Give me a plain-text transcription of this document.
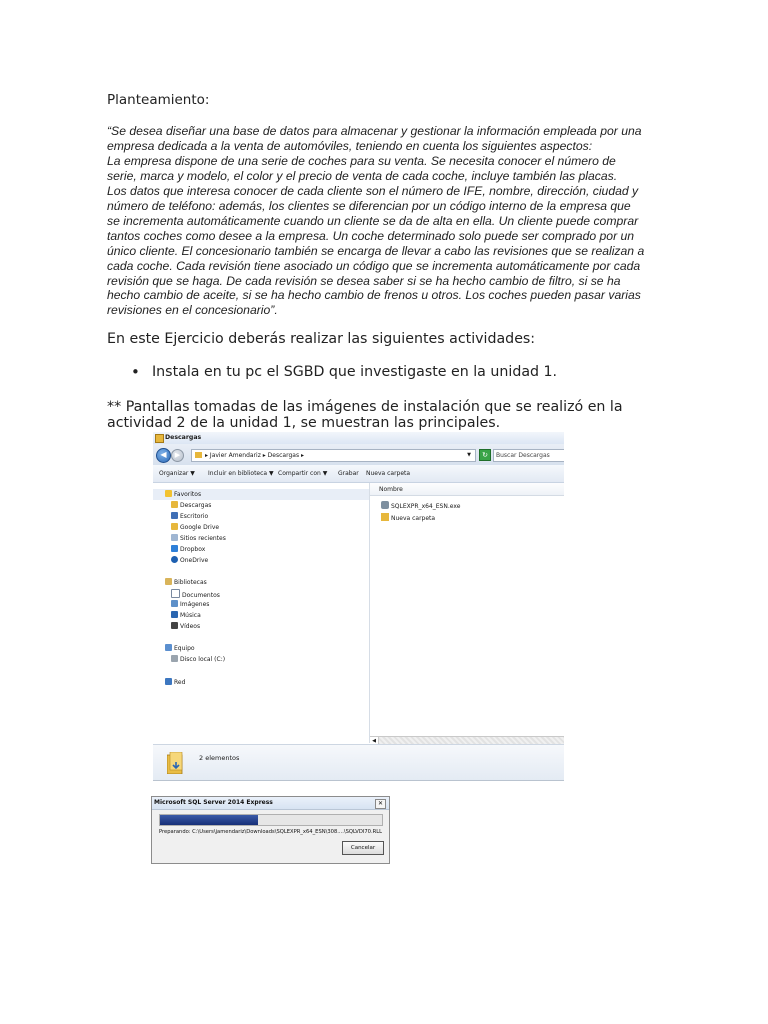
Planteamiento:

“Se desea diseñar una base de datos para almacenar y gestionar la información empleada por una

empresa dedicada a la venta de automóviles, teniendo en cuenta los siguientes aspectos:

La empresa dispone de una serie de coches para su venta. Se necesita conocer el número de

serie, marca y modelo, el color y el precio de venta de cada coche, incluye también las placas.

Los datos que interesa conocer de cada cliente son el número de IFE, nombre, dirección, ciudad y

número de teléfono: además, los clientes se diferencian por un código interno de la empresa que

se incrementa automáticamente cuando un cliente se da de alta en ella. Un cliente puede comprar

tantos coches como desee a la empresa. Un coche determinado solo puede ser comprado por un

único cliente. El concesionario también se encarga de llevar a cabo las revisiones que se realizan a

cada coche. Cada revisión tiene asociado un código que se incrementa automáticamente por cada

revisión que se haga. De cada revisión se desea saber si se ha hecho cambio de filtro, si se ha

hecho cambio de aceite, si se ha hecho cambio de frenos u otros. Los coches pueden pasar varias

revisiones en el concesionario”.

En este Ejercicio deberás realizar las siguientes actividades:
• Instala en tu pc el SGBD que investigaste en la unidad 1.
** Pantallas tomadas de las imágenes de instalación que se realizó en la
actividad 2 de la unidad 1, se muestran las principales.
Descargas
◀	▶	▸ Javier Amendariz ▸ Descargas ▸	▼	↻	Buscar Descargas
Organizar ▼ Incluir en biblioteca ▼ Compartir con ▼ Grabar Nueva carpeta
Favoritos
Descargas
Escritorio
Google Drive
Sitios recientes
Dropbox
OneDrive
Bibliotecas
Documentos
Imágenes
Música
Vídeos
Equipo
Disco local (C:)
Red
Nombre
SQLEXPR_x64_ESN.exe
Nueva carpeta
◀
2 elementos
Microsoft SQL Server 2014 Express	✕
Preparando: C:\Users\jamendariz\Downloads\SQLEXPR_x64_ESN\308....\SQLVDI70.RLL
Cancelar
